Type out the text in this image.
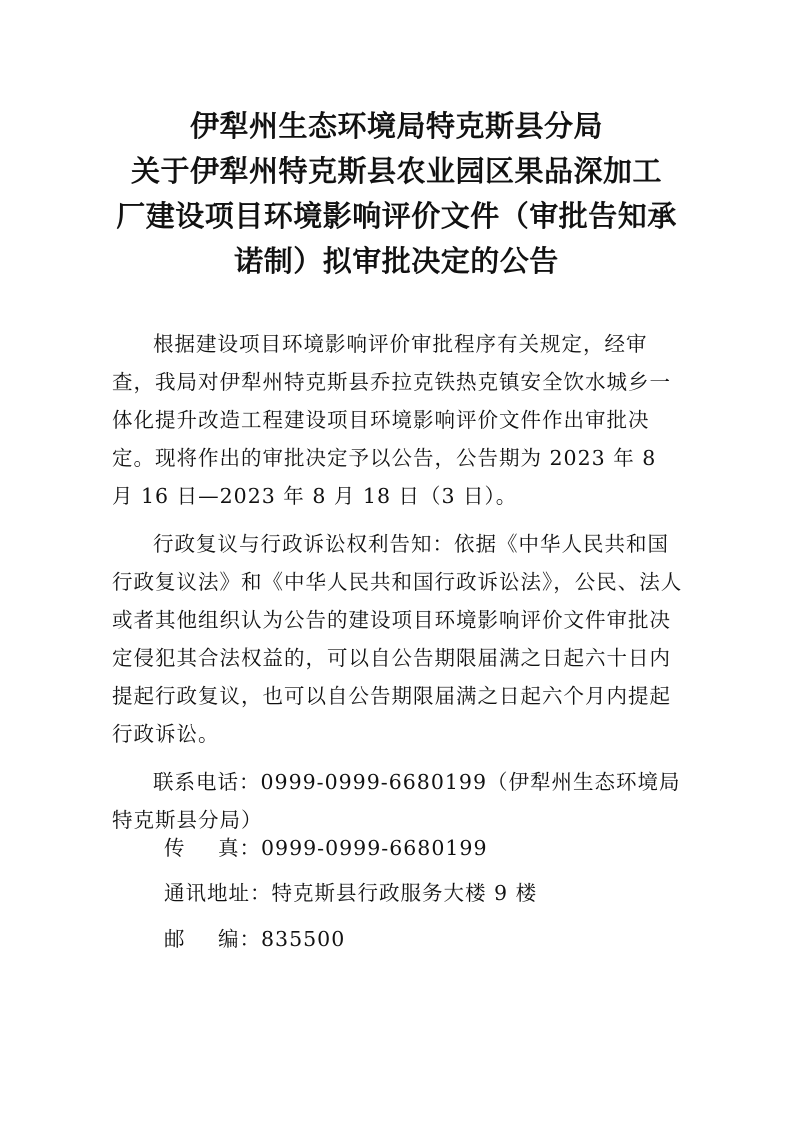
伊犁州生态环境局特克斯县分局
关于伊犁州特克斯县农业园区果品深加工
厂建设项目环境影响评价文件（审批告知承
诺制）拟审批决定的公告

根据建设项目环境影响评价审批程序有关规定，经审查，我局对伊犁州特克斯县乔拉克铁热克镇安全饮水城乡一体化提升改造工程建设项目环境影响评价文件作出审批决定。现将作出的审批决定予以公告，公告期为 2023 年 8 月 16 日—2023 年 8 月 18 日（3 日）。

行政复议与行政诉讼权利告知：依据《中华人民共和国行政复议法》和《中华人民共和国行政诉讼法》，公民、法人或者其他组织认为公告的建设项目环境影响评价文件审批决定侵犯其合法权益的，可以自公告期限届满之日起六十日内提起行政复议，也可以自公告期限届满之日起六个月内提起行政诉讼。

联系电话：0999-0999-6680199（伊犁州生态环境局特克斯县分局）

传 真：0999-0999-6680199
通讯地址：特克斯县行政服务大楼 9 楼
邮 编：835500
